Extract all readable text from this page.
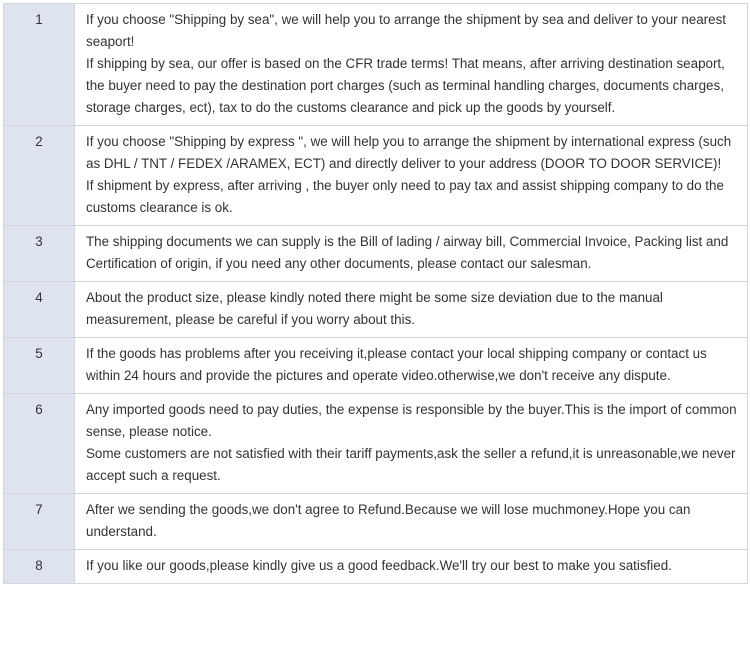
1	If you choose "Shipping by sea", we will help you to arrange the shipment by sea and deliver to your nearest seaport!
If shipping by sea, our offer is based on the CFR trade terms! That means, after arriving destination seaport, the buyer need to pay the destination port charges (such as terminal handling charges, documents charges, storage charges, ect), tax to do the customs clearance and pick up the goods by yourself.

2	If you choose "Shipping by express ", we will help you to arrange the shipment by international express (such as DHL / TNT / FEDEX /ARAMEX, ECT) and directly deliver to your address (DOOR TO DOOR SERVICE)!
If shipment by express, after arriving , the buyer only need to pay tax and assist shipping company to do the customs clearance is ok.

3	The shipping documents we can supply is the Bill of lading / airway bill, Commercial Invoice, Packing list and Certification of origin, if you need any other documents, please contact our salesman.

4	About the product size, please kindly noted there might be some size deviation due to the manual measurement, please be careful if you worry about this.

5	If the goods has problems after you receiving it,please contact your local shipping company or contact us within 24 hours and provide the pictures and operate video.otherwise,we don't receive any dispute.

6	Any imported goods need to pay duties, the expense is responsible by the buyer.This is the import of common sense, please notice.
Some customers are not satisfied with their tariff payments,ask the seller a refund,it is unreasonable,we never accept such a request.

7	After we sending the goods,we don't agree to Refund.Because we will lose muchmoney.Hope you can understand.

8	If you like our goods,please kindly give us a good feedback.We'll try our best to make you satisfied.
